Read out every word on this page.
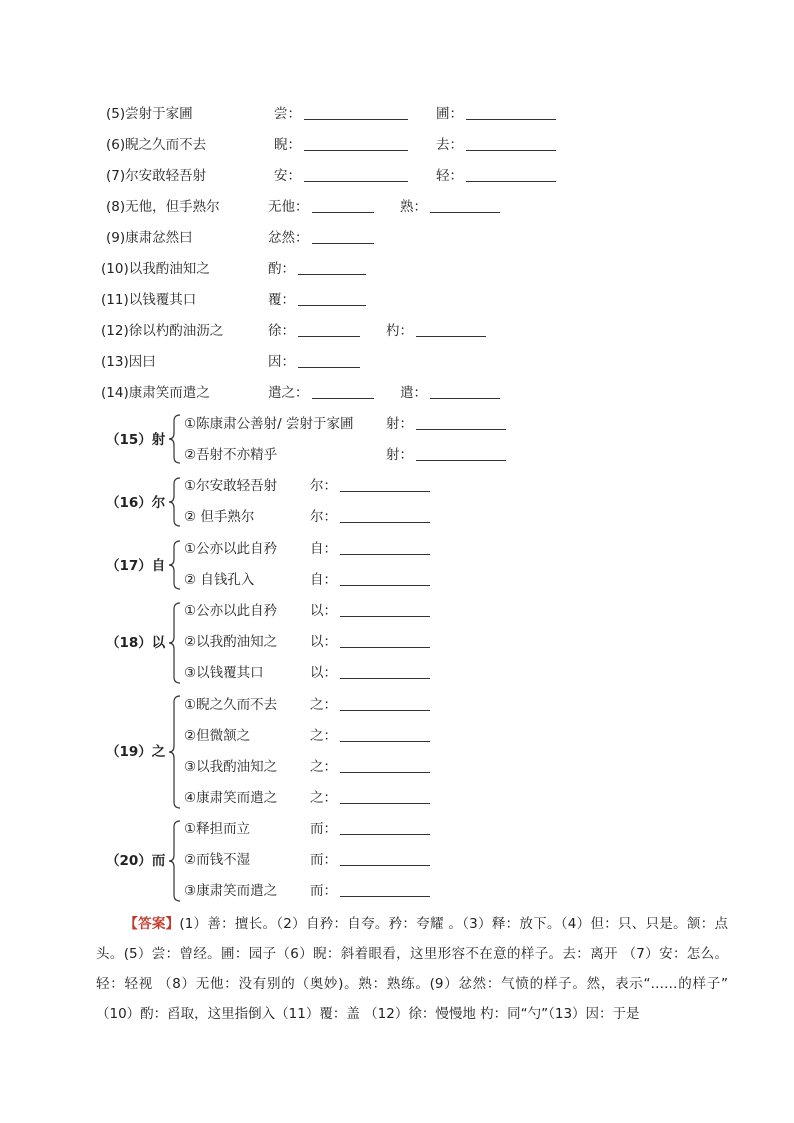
(5)尝射于家圃	尝：	圃：
(6)睨之久而不去	睨：	去：
(7)尔安敢轻吾射	安：	轻：
(8)无他，但手熟尔	无他：	熟：
(9)康肃忿然曰	忿然：
(10)以我酌油知之	酌：
(11)以钱覆其口	覆：
(12)徐以杓酌油沥之	徐：	杓：
(13)因曰	因：
(14)康肃笑而遣之	遣之：	遣：
（15）射
①陈康肃公善射/ 尝射于家圃 射：
②吾射不亦精乎	射：
（16）尔
①尔安敢轻吾射 尔：
② 但手熟尔	尔：
（17）自
①公亦以此自矜 自：
② 自钱孔入	自：
（18）以
①公亦以此自矜 以：
②以我酌油知之 以：
③以钱覆其口	以：
（19）之
①睨之久而不去 之：
②但微颔之	之：
③以我酌油知之 之：
④康肃笑而遣之 之：
（20）而
①释担而立	而：
②而钱不湿	而：
③康肃笑而遣之 而：
【答案】(1）善：擅长。（2）自矜：自夸。矜：夸耀 。（3）释：放下。（4）但：只、只是。颔：点头。(5）尝：曾经。圃：园子（6）睨：斜着眼看，这里形容不在意的样子。去：离开 （7）安：怎么。 轻：轻视 （8）无他：没有别的（奥妙)。熟：熟练。(9）忿然：气愤的样子。然，表示“……的样子” （10）酌：舀取，这里指倒入（11）覆：盖 （12）徐：慢慢地 杓：同“勺”（13）因：于是
